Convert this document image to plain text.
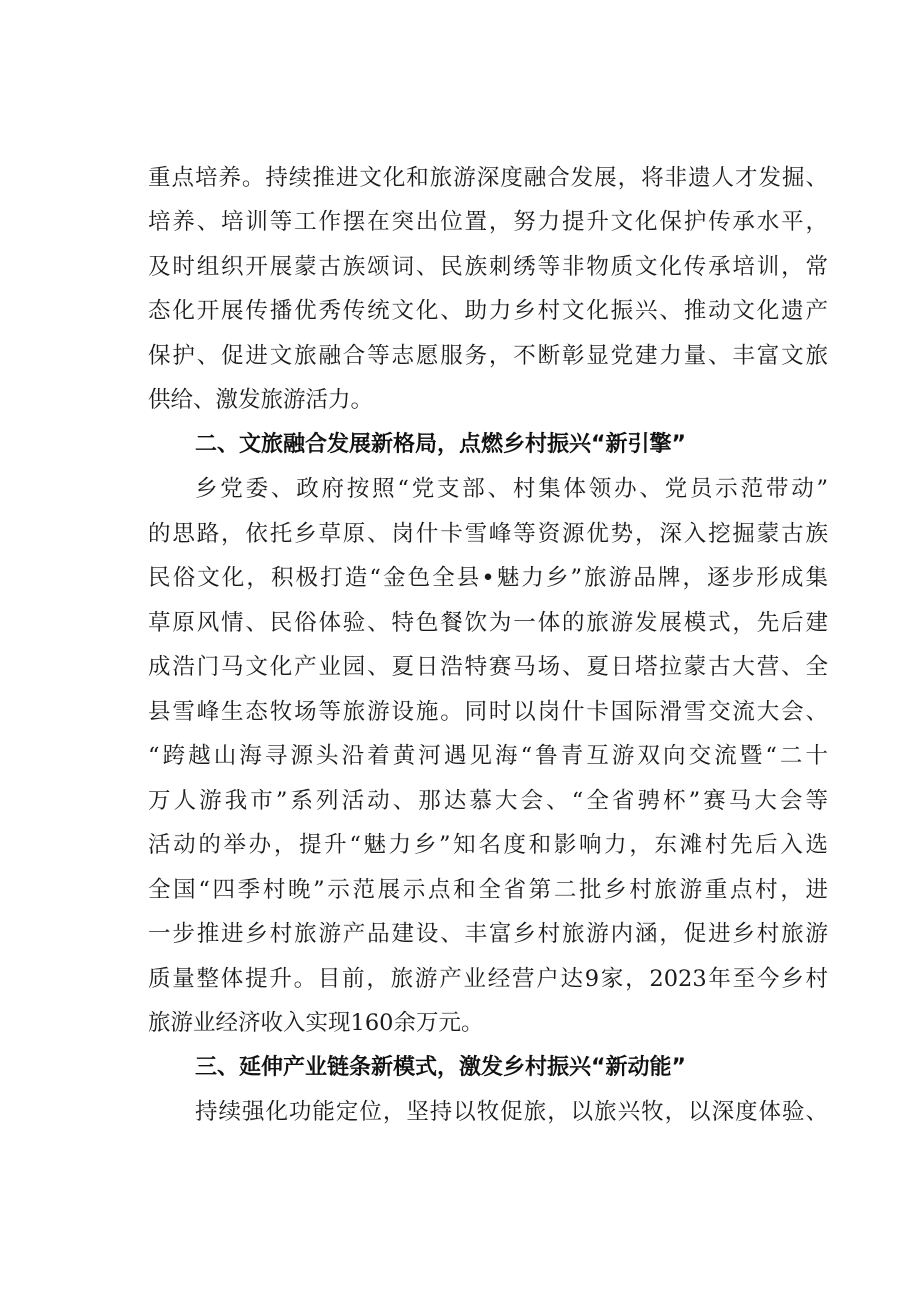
重点培养。持续推进文化和旅游深度融合发展，将非遗人才发掘、
培养、培训等工作摆在突出位置，努力提升文化保护传承水平，
及时组织开展蒙古族颂词、民族刺绣等非物质文化传承培训，常
态化开展传播优秀传统文化、助力乡村文化振兴、推动文化遗产
保护、促进文旅融合等志愿服务，不断彰显党建力量、丰富文旅
供给、激发旅游活力。
二、文旅融合发展新格局，点燃乡村振兴“新引擎”
乡党委、政府按照“党支部、村集体领办、党员示范带动”
的思路，依托乡草原、岗什卡雪峰等资源优势，深入挖掘蒙古族
民俗文化，积极打造“金色全县•魅力乡”旅游品牌，逐步形成集
草原风情、民俗体验、特色餐饮为一体的旅游发展模式，先后建
成浩门马文化产业园、夏日浩特赛马场、夏日塔拉蒙古大营、全
县雪峰生态牧场等旅游设施。同时以岗什卡国际滑雪交流大会、
“跨越山海寻源头沿着黄河遇见海“鲁青互游双向交流暨“二十
万人游我市”系列活动、那达慕大会、“全省骋杯”赛马大会等
活动的举办，提升“魅力乡”知名度和影响力，东滩村先后入选
全国“四季村晚”示范展示点和全省第二批乡村旅游重点村，进
一步推进乡村旅游产品建设、丰富乡村旅游内涵，促进乡村旅游
质量整体提升。目前，旅游产业经营户达9家，2023年至今乡村
旅游业经济收入实现160余万元。
三、延伸产业链条新模式，激发乡村振兴“新动能”
持续强化功能定位，坚持以牧促旅，以旅兴牧，以深度体验、
